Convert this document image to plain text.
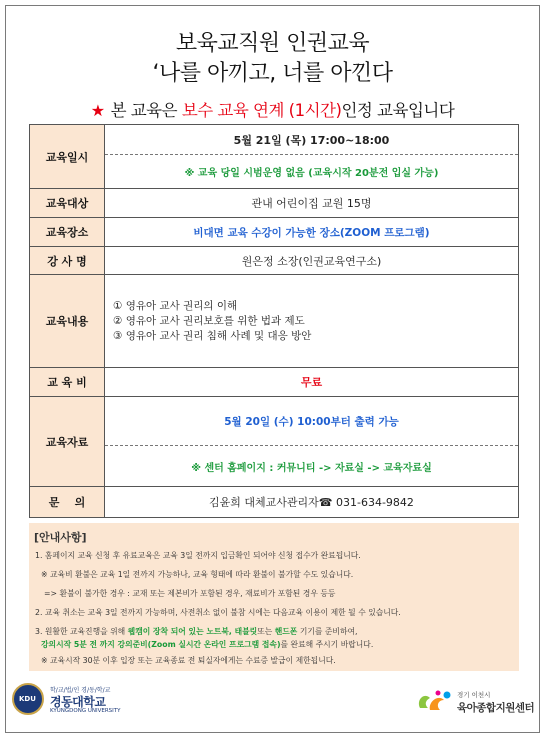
보육교직원 인권교육
‘나를 아끼고, 너를 아낀다
★ 본 교육은 보수 교육 연계 (1시간)인정 교육입니다
교육일시	5월 21일 (목) 17:00~18:00
	※ 교육 당일 시범운영 없음 (교육시작 20분전 입실 가능)
교육대상	관내 어린이집 교원 15명
교육장소	비대면 교육 수강이 가능한 장소(ZOOM 프로그램)
강 사 명	원은정 소장(인권교육연구소)
교육내용	① 영유아 교사 권리의 이해
② 영유아 교사 권리보호를 위한 법과 제도
③ 영유아 교사 권리 침해 사례 및 대응 방안

교 육 비	무료
교육자료	5월 20일 (수) 10:00부터 출력 가능
	※ 센터 홈페이지 : 커뮤니티 -> 자료실 -> 교육자료실
문    의	김윤희 대체교사관리자☎ 031-634-9842
[안내사항]
1. 홈페이지 교육 신청 후 유료교육은 교육 3일 전까지 입금확인 되어야 신청 접수가 완료됩니다.
※ 교육비 환불은 교육 1일 전까지 가능하나, 교육 형태에 따라 환불이 불가할 수도 있습니다.
=> 환불이 불가한 경우 : 교재 또는 제본비가 포함된 경우, 재료비가 포함된 경우 등등
2. 교육 취소는 교육 3일 전까지 가능하며, 사전취소 없이 불참 시에는 다음교육 이용이 제한 될 수 있습니다.
3. 원활한 교육진행을 위해 웹캠이 장착 되어 있는 노트북, 태블릿또는 핸드폰 기기를 준비하여,
강의시작 5분 전 까지 강의준비(Zoom 실시간 온라인 프로그램 접속)를 완료해 주시기 바랍니다.
※ 교육시작 30분 이후 입장 또는 교육종료 전 퇴실자에게는 수료증 발급이 제한됩니다.
KDU
학/교/법/인 경/동/학/교
경동대학교
KYUNGDONG UNIVERSITY
경기 이천시
육아종합지원센터
